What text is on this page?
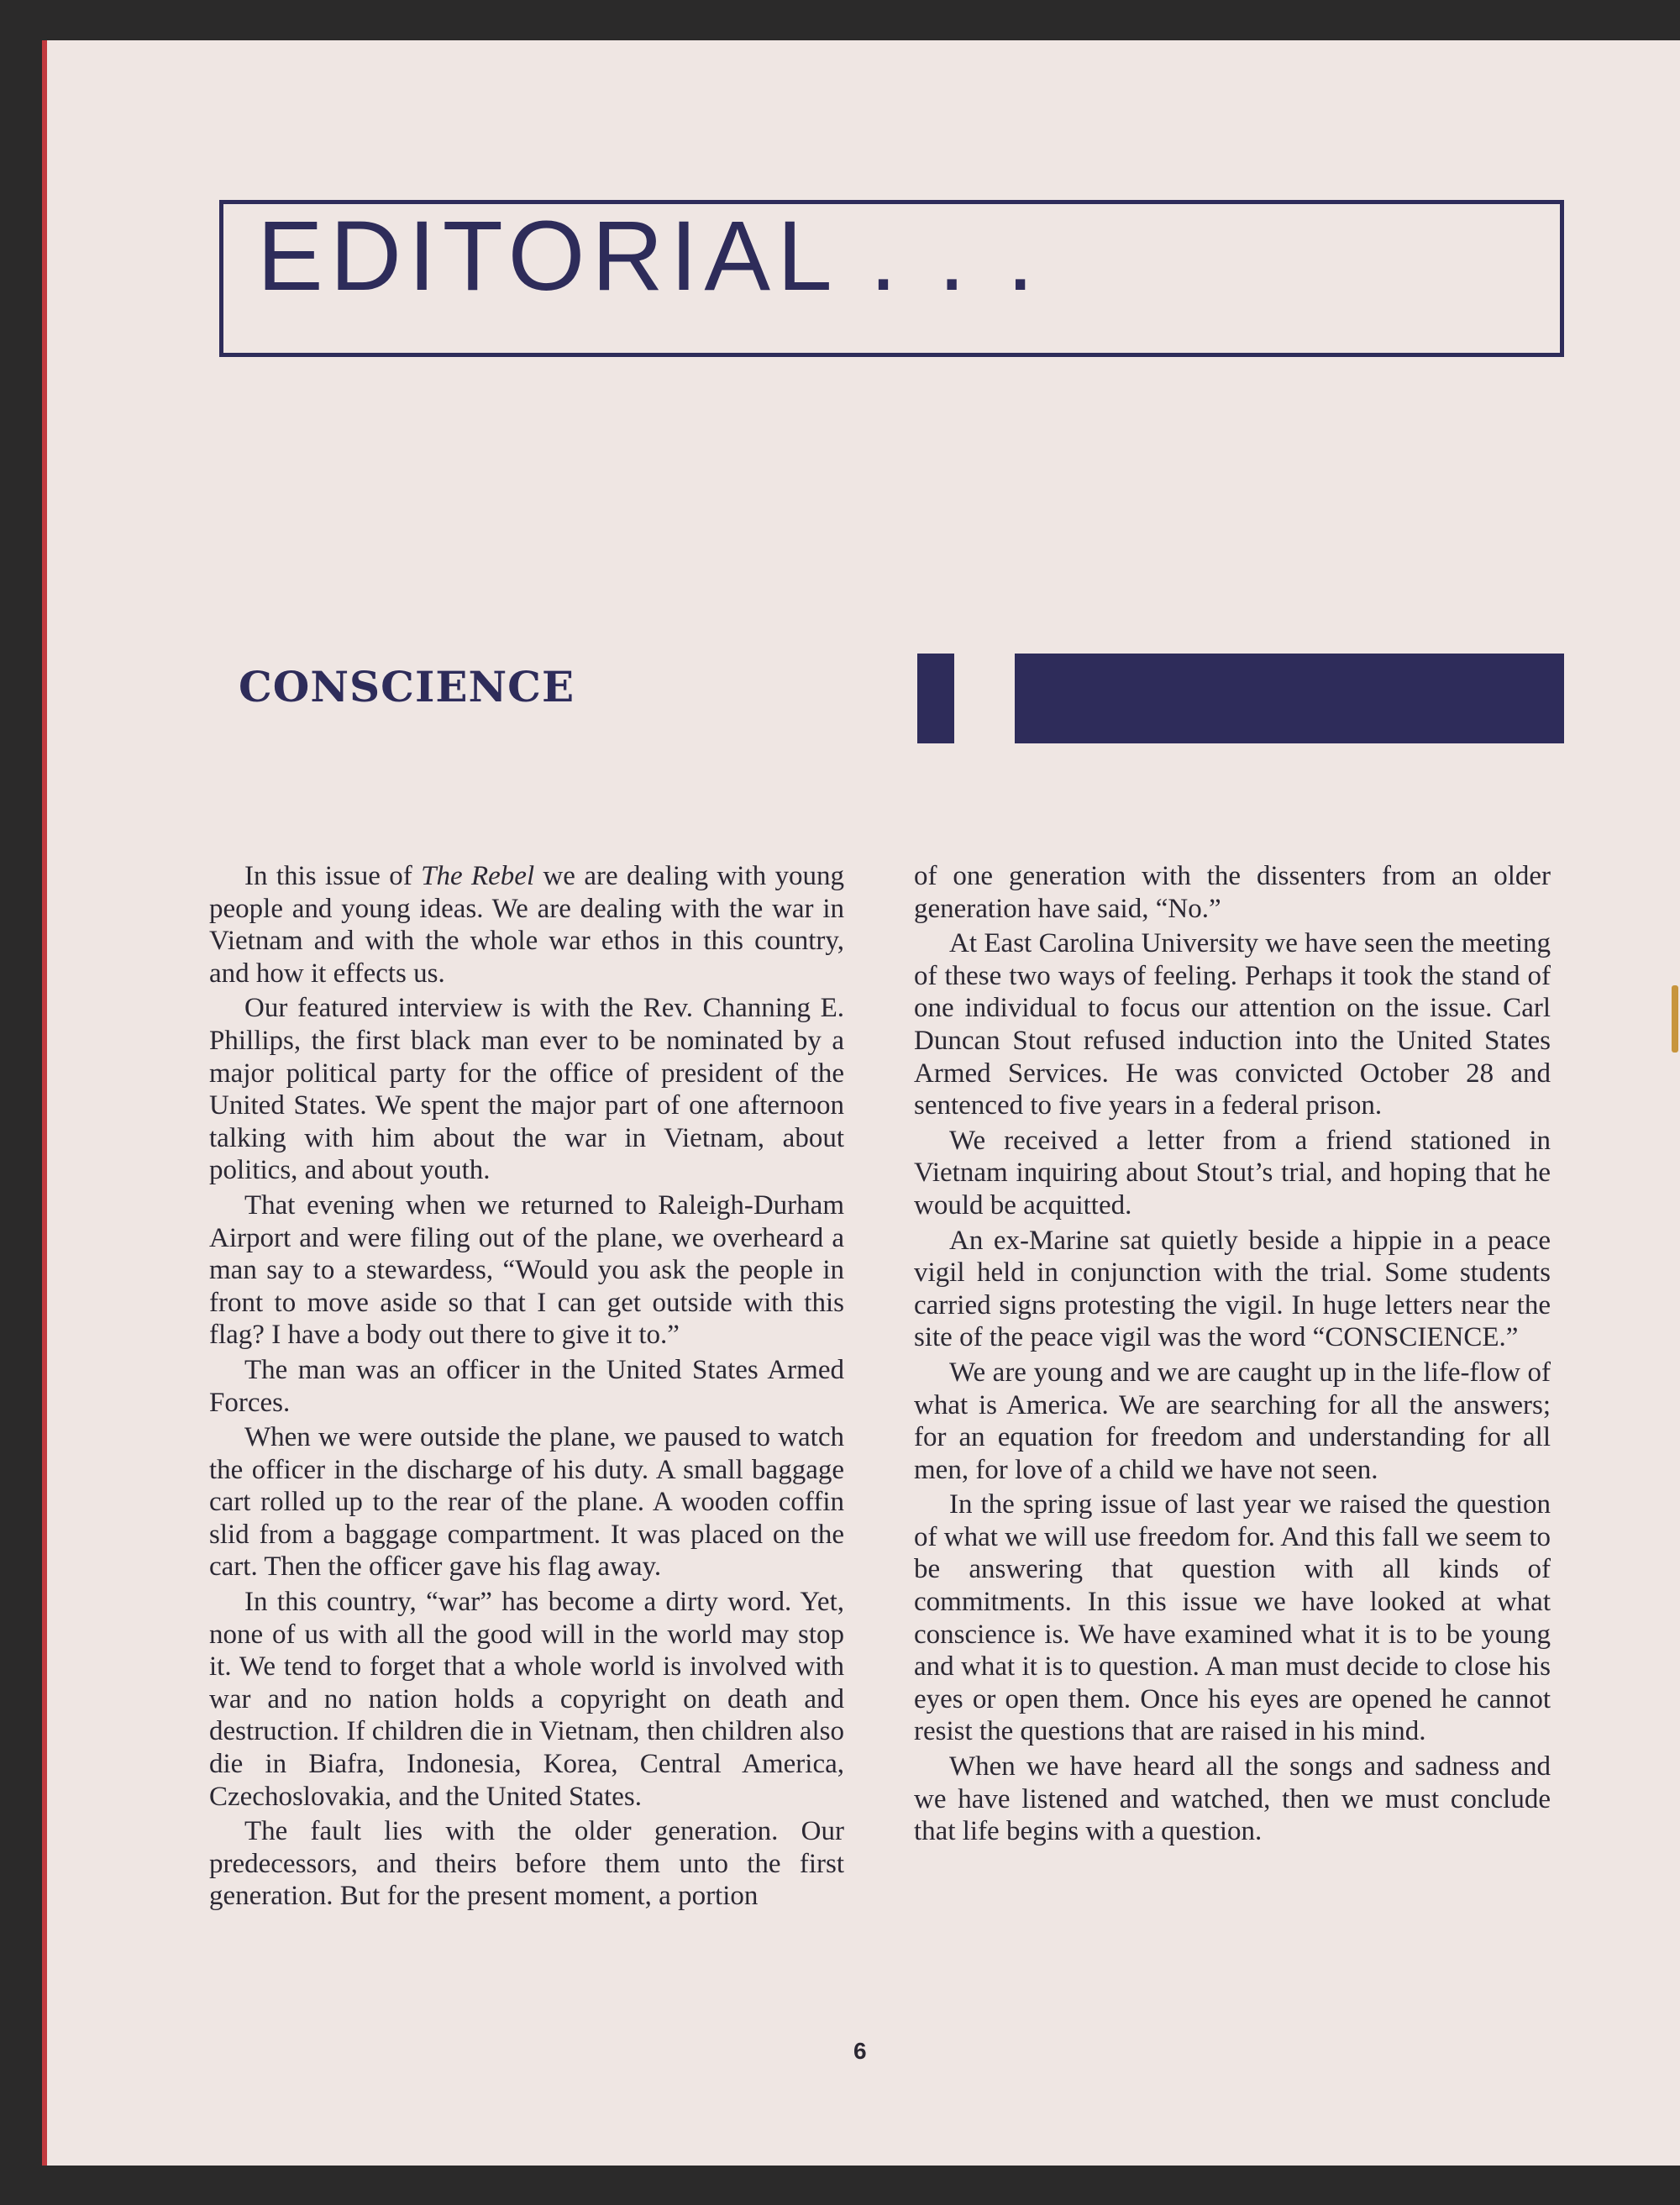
EDITORIAL . . .
CONSCIENCE

In this issue of The Rebel we are dealing with young people and young ideas. We are dealing with the war in Vietnam and with the whole war ethos in this country, and how it effects us.

Our featured interview is with the Rev. Channing E. Phillips, the first black man ever to be nominated by a major political party for the office of president of the United States. We spent the major part of one afternoon talking with him about the war in Vietnam, about politics, and about youth.

That evening when we returned to Raleigh-Durham Airport and were filing out of the plane, we overheard a man say to a stewardess, “Would you ask the people in front to move aside so that I can get outside with this flag? I have a body out there to give it to.”

The man was an officer in the United States Armed Forces.

When we were outside the plane, we paused to watch the officer in the discharge of his duty. A small baggage cart rolled up to the rear of the plane. A wooden coffin slid from a baggage compartment. It was placed on the cart. Then the officer gave his flag away.

In this country, “war” has become a dirty word. Yet, none of us with all the good will in the world may stop it. We tend to forget that a whole world is involved with war and no nation holds a copyright on death and destruction. If children die in Vietnam, then children also die in Biafra, Indonesia, Korea, Central America, Czechoslovakia, and the United States.

The fault lies with the older generation. Our predecessors, and theirs before them unto the first generation. But for the present moment, a portion

of one generation with the dissenters from an older generation have said, “No.”

At East Carolina University we have seen the meeting of these two ways of feeling. Perhaps it took the stand of one individual to focus our attention on the issue. Carl Duncan Stout refused induction into the United States Armed Services. He was convicted October 28 and sentenced to five years in a federal prison.

We received a letter from a friend stationed in Vietnam inquiring about Stout’s trial, and hoping that he would be acquitted.

An ex-Marine sat quietly beside a hippie in a peace vigil held in conjunction with the trial. Some students carried signs protesting the vigil. In huge letters near the site of the peace vigil was the word “CONSCIENCE.”

We are young and we are caught up in the life-flow of what is America. We are searching for all the answers; for an equation for freedom and understanding for all men, for love of a child we have not seen.

In the spring issue of last year we raised the question of what we will use freedom for. And this fall we seem to be answering that question with all kinds of commitments. In this issue we have looked at what conscience is. We have examined what it is to be young and what it is to question. A man must decide to close his eyes or open them. Once his eyes are opened he cannot resist the questions that are raised in his mind.

When we have heard all the songs and sadness and we have listened and watched, then we must conclude that life begins with a question.

6
